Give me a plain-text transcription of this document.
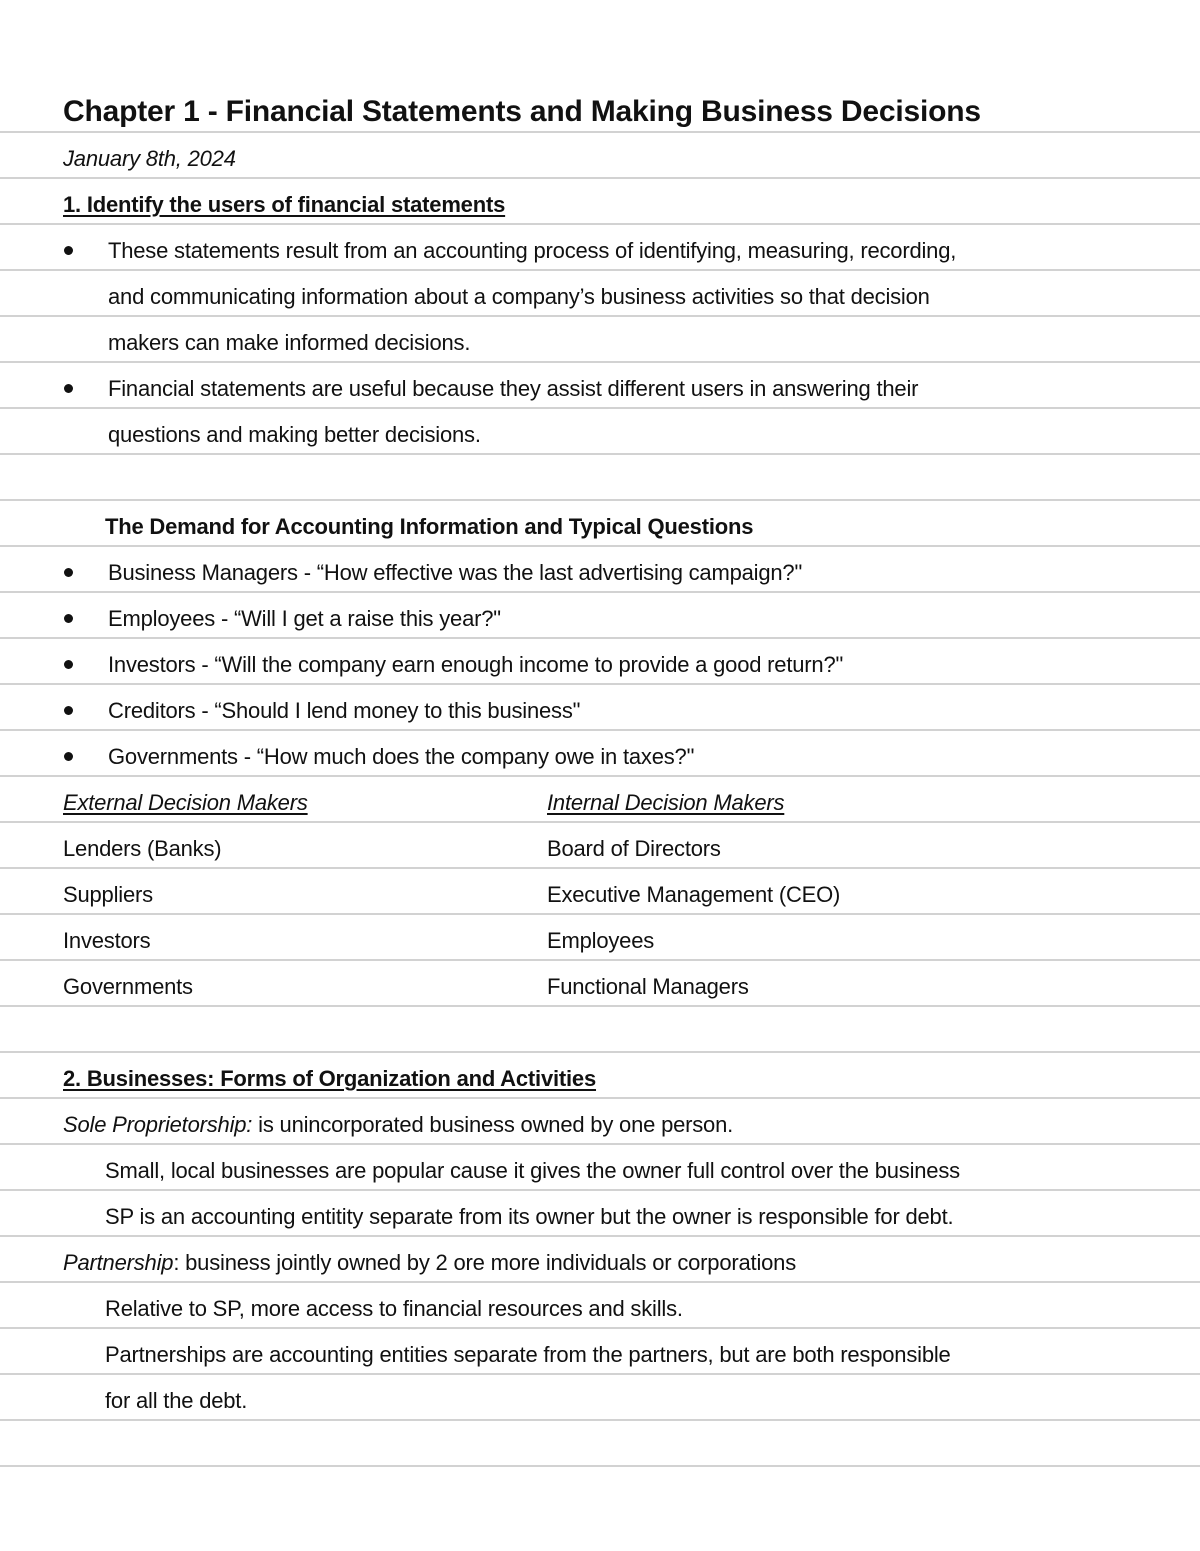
Chapter 1 - Financial Statements and Making Business Decisions
January 8th, 2024
1. Identify the users of financial statements
These statements result from an accounting process of identifying, measuring, recording,
and communicating information about a company’s business activities so that decision
makers can make informed decisions.
Financial statements are useful because they assist different users in answering their
questions and making better decisions.
The Demand for Accounting Information and Typical Questions
Business Managers - “How effective was the last advertising campaign?"
Employees - “Will I get a raise this year?"
Investors - “Will the company earn enough income to provide a good return?"
Creditors - “Should I lend money to this business"
Governments - “How much does the company owe in taxes?"
External Decision Makers	Internal Decision Makers
Lenders (Banks)	Board of Directors
Suppliers	Executive Management (CEO)
Investors	Employees
Governments	Functional Managers
2. Businesses: Forms of Organization and Activities
Sole Proprietorship: is unincorporated business owned by one person.
Small, local businesses are popular cause it gives the owner full control over the business
SP is an accounting entitity separate from its owner but the owner is responsible for debt.
Partnership: business jointly owned by 2 ore more individuals or corporations
Relative to SP, more access to financial resources and skills.
Partnerships are accounting entities separate from the partners, but are both responsible
for all the debt.
